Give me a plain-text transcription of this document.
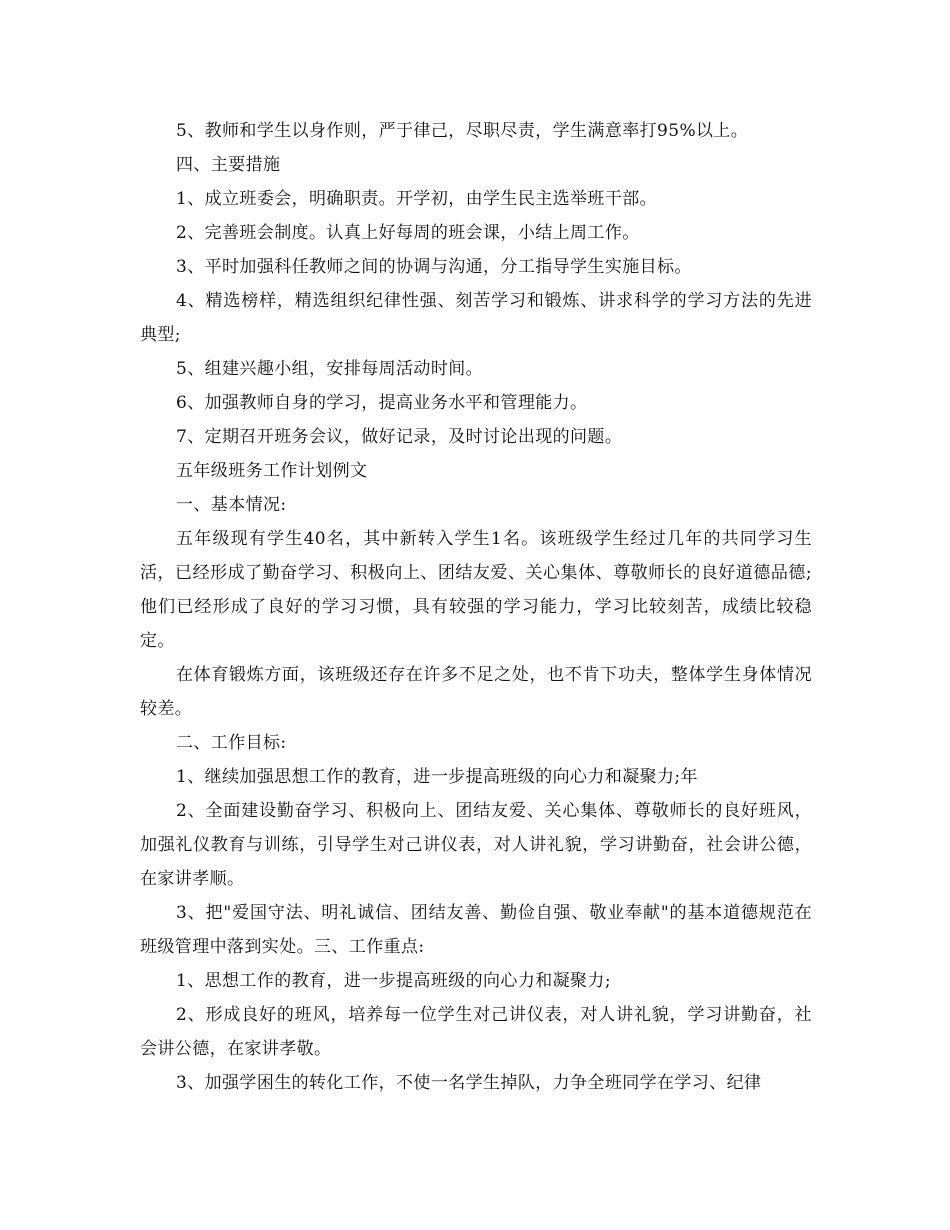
5、教师和学生以身作则，严于律己，尽职尽责，学生满意率打95%以上。

四、主要措施

1、成立班委会，明确职责。开学初，由学生民主选举班干部。

2、完善班会制度。认真上好每周的班会课，小结上周工作。

3、平时加强科任教师之间的协调与沟通，分工指导学生实施目标。

4、精选榜样，精选组织纪律性强、刻苦学习和锻炼、讲求科学的学习方法的先进典型;

5、组建兴趣小组，安排每周活动时间。

6、加强教师自身的学习，提高业务水平和管理能力。

7、定期召开班务会议，做好记录，及时讨论出现的问题。

五年级班务工作计划例文

一、基本情况:

五年级现有学生40名，其中新转入学生1名。该班级学生经过几年的共同学习生活，已经形成了勤奋学习、积极向上、团结友爱、关心集体、尊敬师长的良好道德品德;他们已经形成了良好的学习习惯，具有较强的学习能力，学习比较刻苦，成绩比较稳定。

在体育锻炼方面，该班级还存在许多不足之处，也不肯下功夫，整体学生身体情况较差。

二、工作目标:

1、继续加强思想工作的教育，进一步提高班级的向心力和凝聚力;年

2、全面建设勤奋学习、积极向上、团结友爱、关心集体、尊敬师长的良好班风，加强礼仪教育与训练，引导学生对己讲仪表，对人讲礼貌，学习讲勤奋，社会讲公德，在家讲孝顺。

3、把"爱国守法、明礼诚信、团结友善、勤俭自强、敬业奉献"的基本道德规范在班级管理中落到实处。三、工作重点:

1、思想工作的教育，进一步提高班级的向心力和凝聚力;

2、形成良好的班风，培养每一位学生对己讲仪表，对人讲礼貌，学习讲勤奋，社会讲公德，在家讲孝敬。

3、加强学困生的转化工作，不使一名学生掉队，力争全班同学在学习、纪律
